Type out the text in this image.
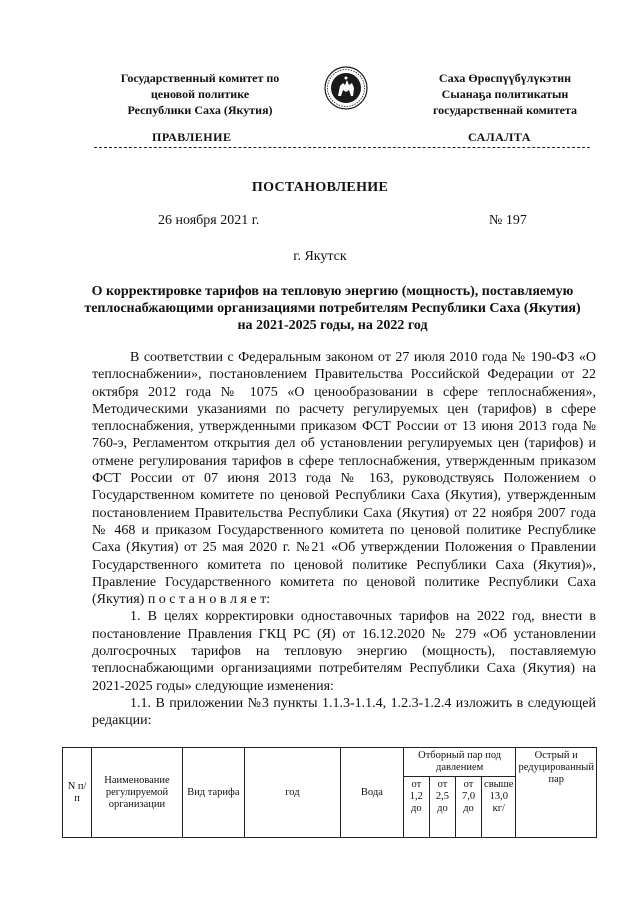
Государственный комитет по
ценовой политике
Республики Саха (Якутия)
Саха Өрөспүүбүлүкэтин
Сыанаҕа политикатын
государственнай комитета
ПРАВЛЕНИЕ	САЛАЛТА
ПОСТАНОВЛЕНИЕ
26 ноября 2021 г.	№ 197
г. Якутск
О корректировке тарифов на тепловую энергию (мощность), поставляемую теплоснабжающими организациями потребителям Республики Саха (Якутия) на 2021-2025 годы, на 2022 год

В соответствии с Федеральным законом от 27 июля 2010 года № 190-ФЗ «О теплоснабжении», постановлением Правительства Российской Федерации от 22 октября 2012 года № 1075 «О ценообразовании в сфере теплоснабжения», Методическими указаниями по расчету регулируемых цен (тарифов) в сфере теплоснабжения, утвержденными приказом ФСТ России от 13 июня 2013 года № 760-э, Регламентом открытия дел об установлении регулируемых цен (тарифов) и отмене регулирования тарифов в сфере теплоснабжения, утвержденным приказом ФСТ России от 07 июня 2013 года № 163, руководствуясь Положением о Государственном комитете по ценовой Республики Саха (Якутия), утвержденным постановлением Правительства Республики Саха (Якутия) от 22 ноября 2007 года № 468 и приказом Государственного комитета по ценовой политике Республике Саха (Якутия) от 25 мая 2020 г. №21 «Об утверждении Положения о Правлении Государственного комитета по ценовой политике Республики Саха (Якутия)», Правление Государственного комитета по ценовой политике Республики Саха (Якутия) п о с т а н о в л я е т:

1. В целях корректировки одноставочных тарифов на 2022 год, внести в постановление Правления ГКЦ РС (Я) от 16.12.2020 № 279 «Об установлении долгосрочных тарифов на тепловую энергию (мощность), поставляемую теплоснабжающими организациями потребителям Республики Саха (Якутия) на 2021-2025 годы» следующие изменения:

1.1. В приложении №3 пункты 1.1.3-1.1.4, 1.2.3-1.2.4 изложить в следующей редакции:

N п/п	Наименование регулируемой организации	Вид тарифа	год	Вода	Отборный пар под давлением				Острый и редуцированный пар
					от 1,2 до	от 2,5 до	от 7,0 до	свыше 13,0 кг/	
